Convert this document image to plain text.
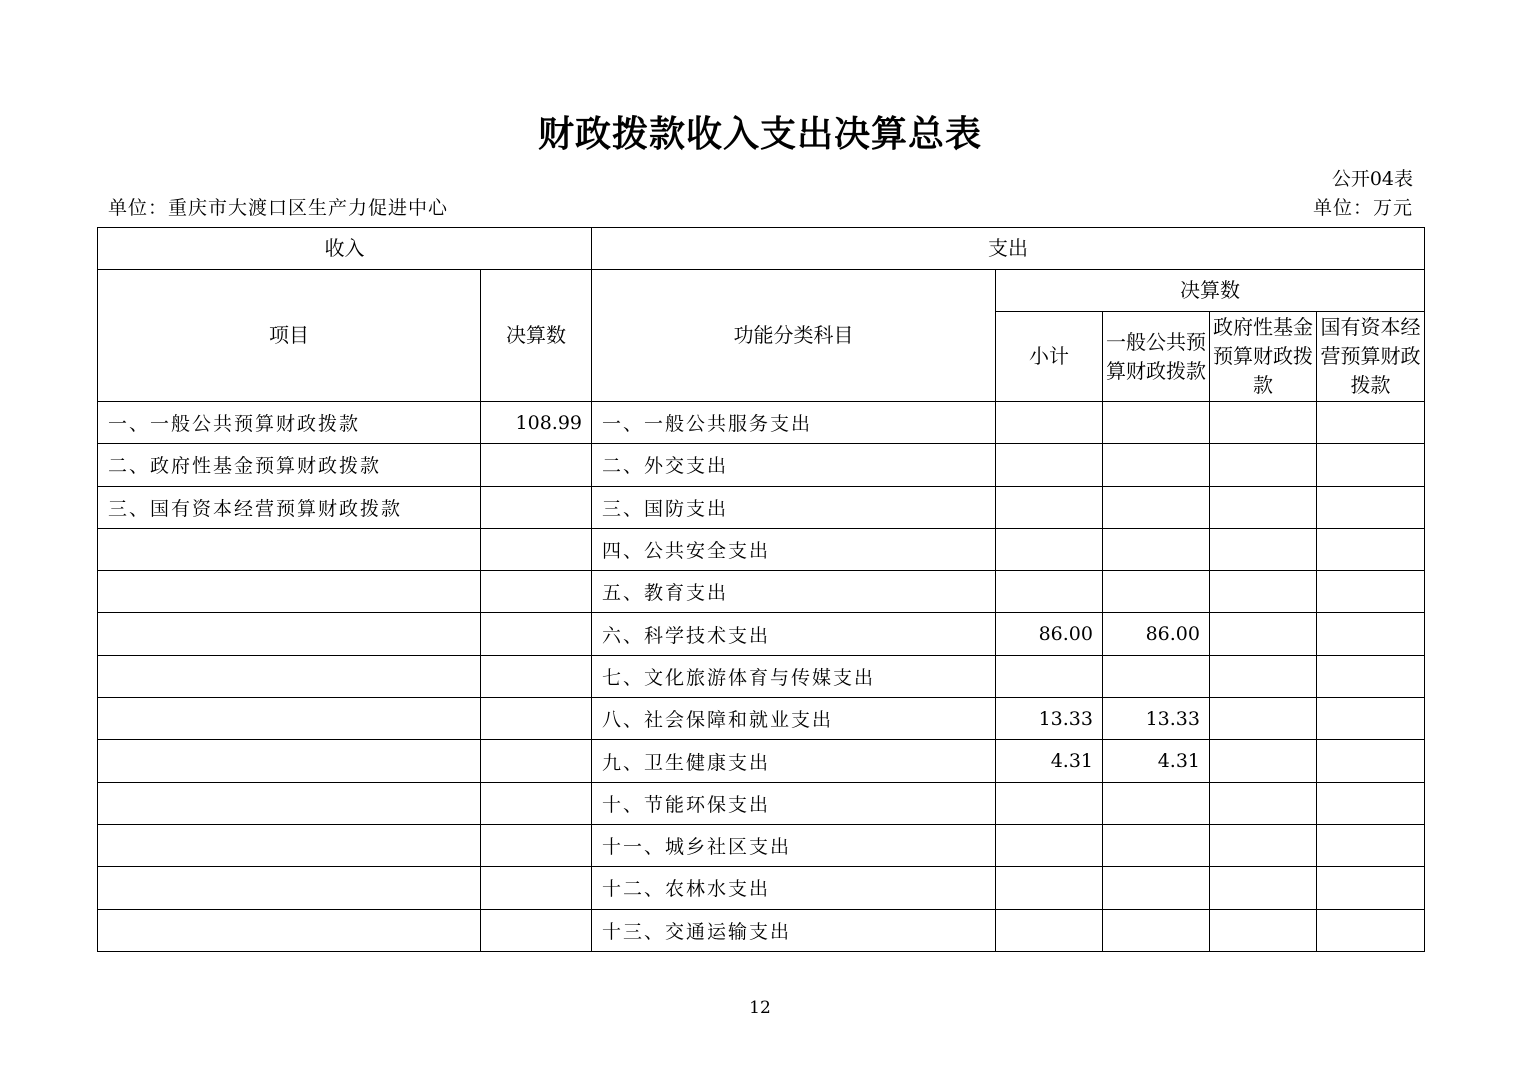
财政拨款收入支出决算总表
公开04表
单位：重庆市大渡口区生产力促进中心	单位：万元
收入		支出				
项目	决算数	功能分类科目	决算数			
			小计	一般公共预算财政拨款	政府性基金预算财政拨款	国有资本经营预算财政拨款
一、一般公共预算财政拨款	108.99	一、一般公共服务支出				
二、政府性基金预算财政拨款		二、外交支出				
三、国有资本经营预算财政拨款		三、国防支出				
		四、公共安全支出				
		五、教育支出				
		六、科学技术支出	86.00	86.00		
		七、文化旅游体育与传媒支出				
		八、社会保障和就业支出	13.33	13.33		
		九、卫生健康支出	4.31	4.31		
		十、节能环保支出				
		十一、城乡社区支出				
		十二、农林水支出				
		十三、交通运输支出				
12
